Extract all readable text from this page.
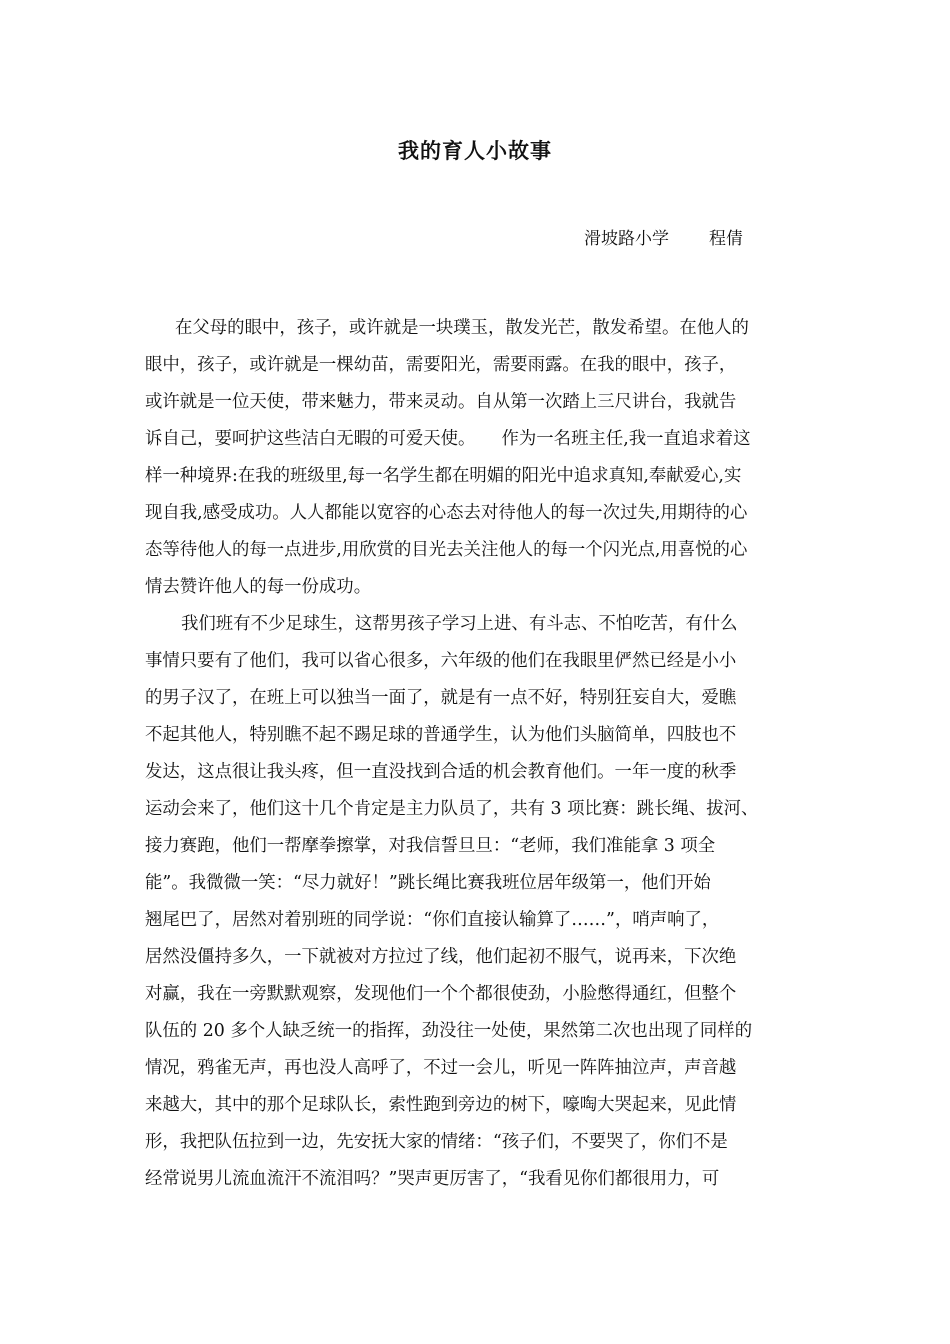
我的育人小故事
滑坡路小学 程倩
在父母的眼中，孩子，或许就是一块璞玉，散发光芒，散发希望。在他人的
眼中，孩子，或许就是一棵幼苗，需要阳光，需要雨露。在我的眼中，孩子，
或许就是一位天使，带来魅力，带来灵动。自从第一次踏上三尺讲台，我就告
诉自己，要呵护这些洁白无暇的可爱天使。　　作为一名班主任,我一直追求着这
样一种境界:在我的班级里,每一名学生都在明媚的阳光中追求真知,奉献爱心,实
现自我,感受成功。人人都能以宽容的心态去对待他人的每一次过失,用期待的心
态等待他人的每一点进步,用欣赏的目光去关注他人的每一个闪光点,用喜悦的心
情去赞许他人的每一份成功。
我们班有不少足球生，这帮男孩子学习上进、有斗志、不怕吃苦，有什么
事情只要有了他们，我可以省心很多，六年级的他们在我眼里俨然已经是小小
的男子汉了，在班上可以独当一面了，就是有一点不好，特别狂妄自大，爱瞧
不起其他人，特别瞧不起不踢足球的普通学生，认为他们头脑简单，四肢也不
发达，这点很让我头疼，但一直没找到合适的机会教育他们。一年一度的秋季
运动会来了，他们这十几个肯定是主力队员了，共有 3 项比赛：跳长绳、拔河、
接力赛跑，他们一帮摩拳擦掌，对我信誓旦旦：“老师，我们准能拿 3 项全
能”。我微微一笑：“尽力就好！”跳长绳比赛我班位居年级第一，他们开始
翘尾巴了，居然对着别班的同学说：“你们直接认输算了……”，哨声响了，
居然没僵持多久，一下就被对方拉过了线，他们起初不服气，说再来，下次绝
对赢，我在一旁默默观察，发现他们一个个都很使劲，小脸憋得通红，但整个
队伍的 20 多个人缺乏统一的指挥，劲没往一处使，果然第二次也出现了同样的
情况，鸦雀无声，再也没人高呼了，不过一会儿，听见一阵阵抽泣声，声音越
来越大，其中的那个足球队长，索性跑到旁边的树下，嚎啕大哭起来，见此情
形，我把队伍拉到一边，先安抚大家的情绪：“孩子们，不要哭了，你们不是
经常说男儿流血流汗不流泪吗？”哭声更厉害了，“我看见你们都很用力，可
